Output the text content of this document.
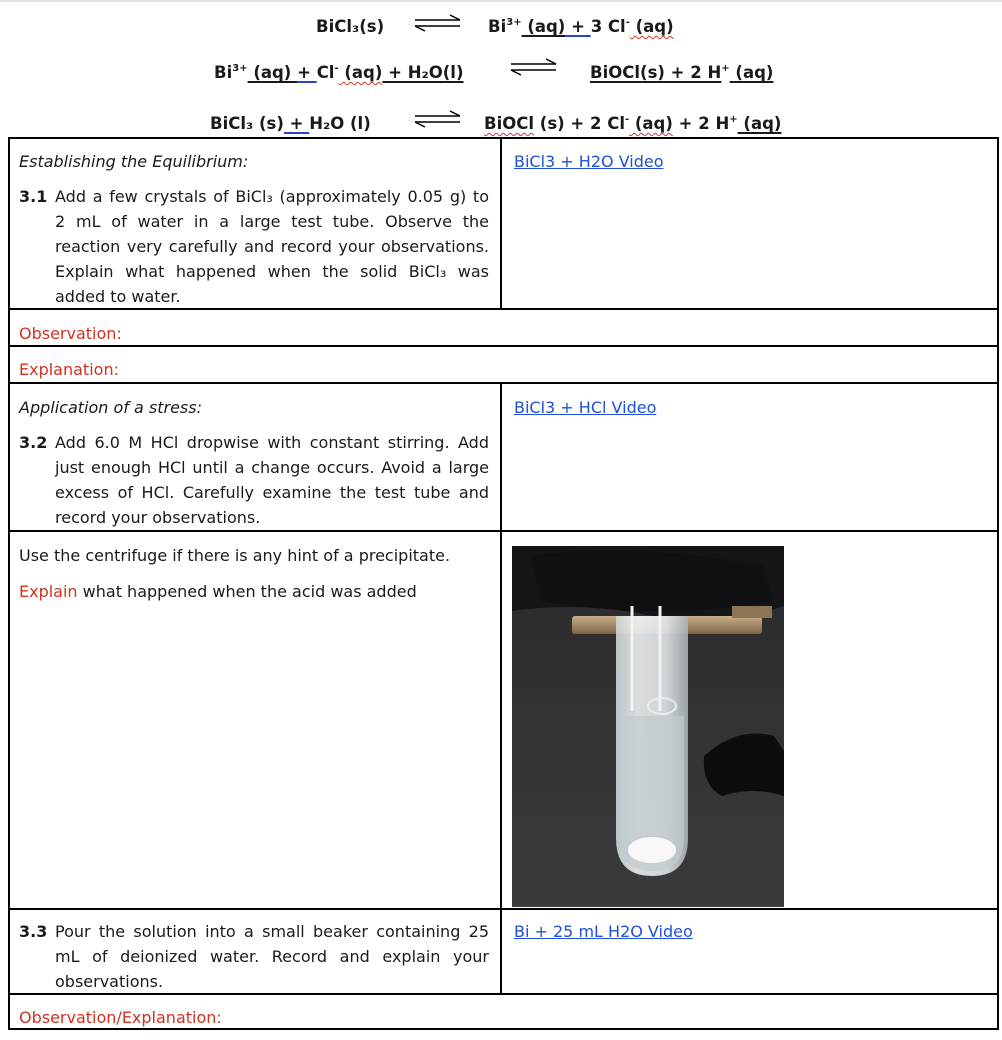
BiCl₃(s) ⇌ $Bi^{3+}$ (aq) + 3 Cl- (aq)
$Bi^{3+}$ (aq) + Cl- (aq) + H₂O(l)	BiOCl(s) + 2 H+ (aq)
BiCl₃ (s) + H₂O (l)	⇌ BiOCl (s) + 2 Cl- (aq) + 2 H+ (aq)
Establishing the Equilibrium:
3.1 Add a few crystals of BiCl₃ (approximately 0.05 g) to 2 mL of water in a large test tube. Observe the reaction very carefully and record your observations. Explain what happened when the solid BiCl₃ was added to water.
BiCl3 + H2O Video
Observation:
Explanation:
Application of a stress:
3.2 Add 6.0 M HCl dropwise with constant stirring. Add just enough HCl until a change occurs. Avoid a large excess of HCl. Carefully examine the test tube and record your observations.
BiCl3 + HCl Video
Use the centrifuge if there is any hint of a precipitate.
Explain what happened when the acid was added
3.3 Pour the solution into a small beaker containing 25 mL of deionized water. Record and explain your observations.
Bi + 25 mL H2O Video
Observation/Explanation:
